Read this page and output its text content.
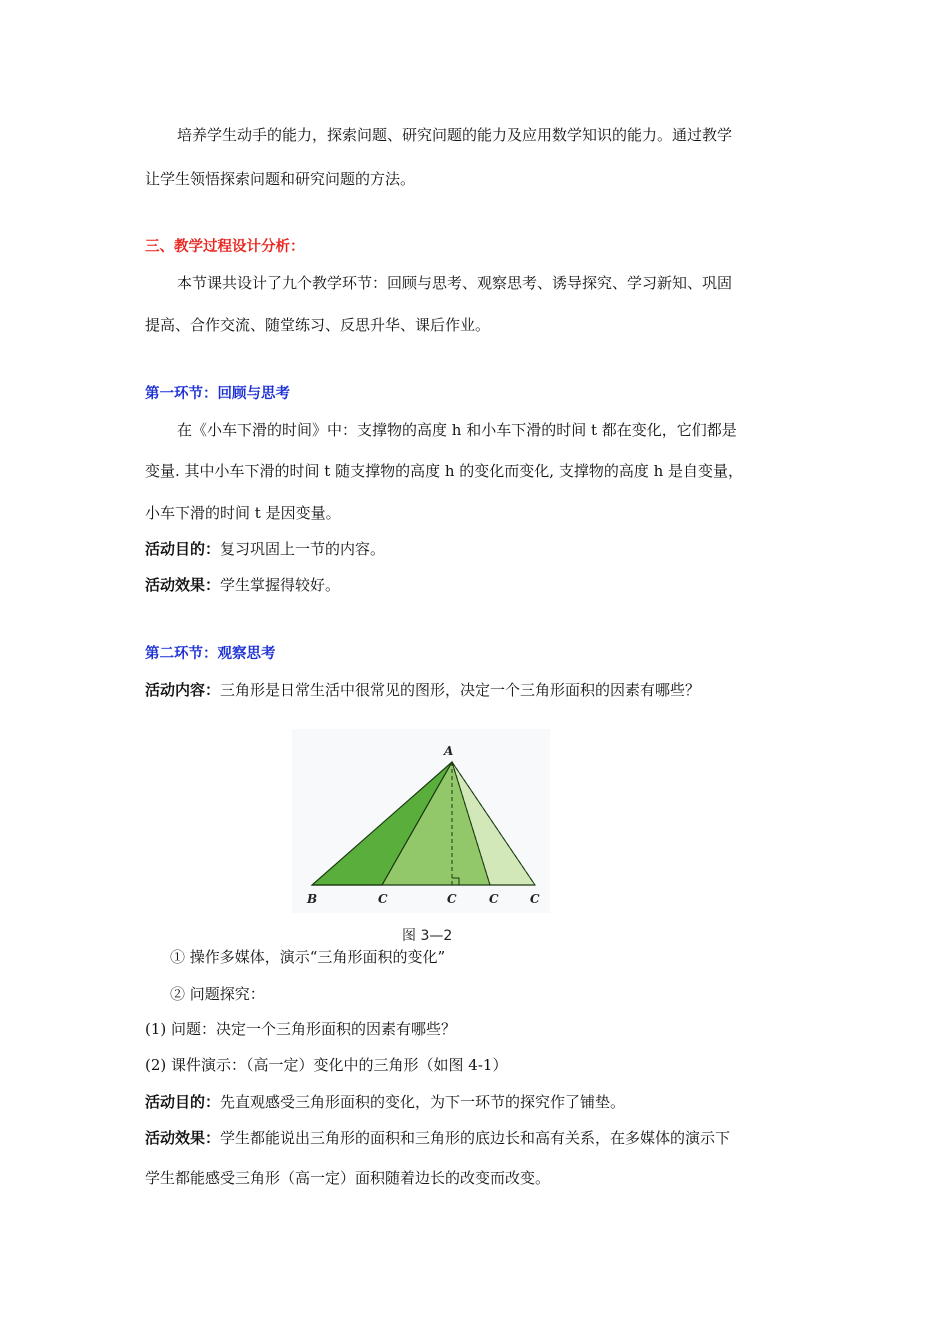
培养学生动手的能力，探索问题、研究问题的能力及应用数学知识的能力。通过教学
让学生领悟探索问题和研究问题的方法。
三、教学过程设计分析：
本节课共设计了九个教学环节：回顾与思考、观察思考、诱导探究、学习新知、巩固
提高、合作交流、随堂练习、反思升华、课后作业。
第一环节：回顾与思考
在《小车下滑的时间》中：支撑物的高度 h 和小车下滑的时间 t 都在变化，它们都是
变量. 其中小车下滑的时间 t 随支撑物的高度 h 的变化而变化, 支撑物的高度 h 是自变量，
小车下滑的时间 t 是因变量。
活动目的：复习巩固上一节的内容。
活动效果：学生掌握得较好。
第二环节：观察思考
活动内容：三角形是日常生活中很常见的图形，决定一个三角形面积的因素有哪些？
A
B	C	C	C	C
图 3—2
① 操作多媒体，演示“三角形面积的变化”
② 问题探究：
(1) 问题：决定一个三角形面积的因素有哪些？
(2) 课件演示：（高一定）变化中的三角形（如图 4-1）
活动目的：先直观感受三角形面积的变化，为下一环节的探究作了铺垫。
活动效果：学生都能说出三角形的面积和三角形的底边长和高有关系，在多媒体的演示下
学生都能感受三角形（高一定）面积随着边长的改变而改变。
